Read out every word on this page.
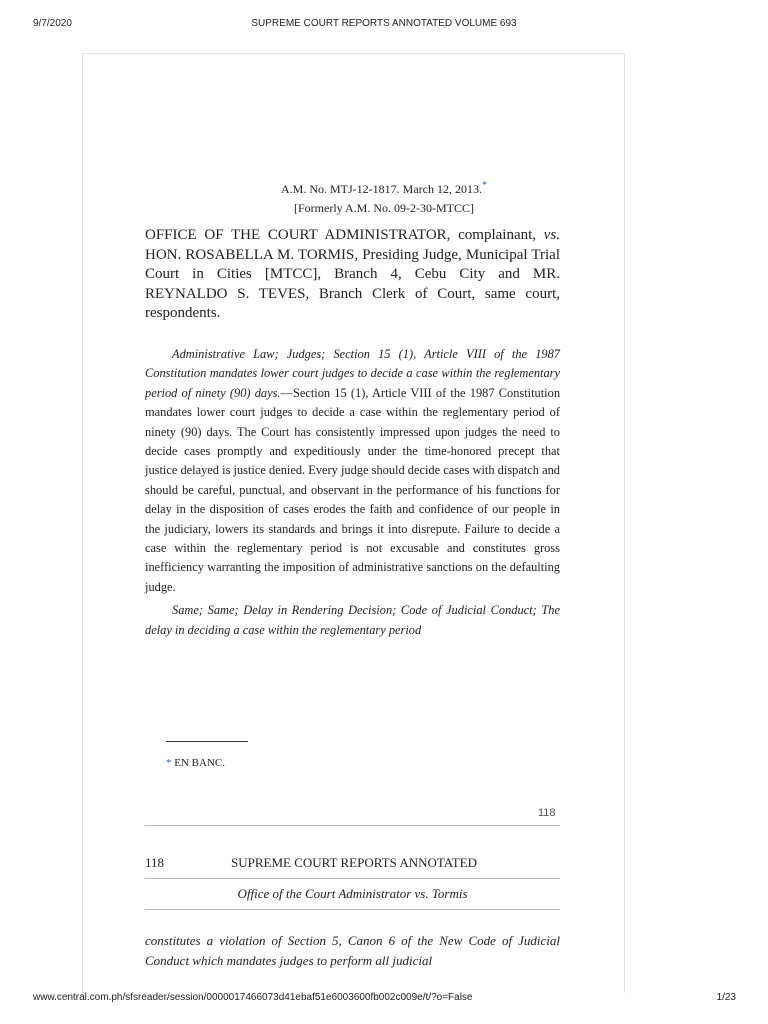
9/7/2020	SUPREME COURT REPORTS ANNOTATED VOLUME 693
A.M. No. MTJ-12-1817. March 12, 2013.*
[Formerly A.M. No. 09-2-30-MTCC]
OFFICE OF THE COURT ADMINISTRATOR, complainant, vs. HON. ROSABELLA M. TORMIS, Presiding Judge, Municipal Trial Court in Cities [MTCC], Branch 4, Cebu City and MR. REYNALDO S. TEVES, Branch Clerk of Court, same court, respondents.

Administrative Law; Judges; Section 15 (1), Article VIII of the 1987 Constitution mandates lower court judges to decide a case within the reglementary period of ninety (90) days.—Section 15 (1), Article VIII of the 1987 Constitution mandates lower court judges to decide a case within the reglementary period of ninety (90) days. The Court has consistently impressed upon judges the need to decide cases promptly and expeditiously under the time-honored precept that justice delayed is justice denied. Every judge should decide cases with dispatch and should be careful, punctual, and observant in the performance of his functions for delay in the disposition of cases erodes the faith and confidence of our people in the judiciary, lowers its standards and brings it into disrepute. Failure to decide a case within the reglementary period is not excusable and constitutes gross inefficiency warranting the imposition of administrative sanctions on the defaulting judge.

Same; Same; Delay in Rendering Decision; Code of Judicial Conduct; The delay in deciding a case within the reglementary period

* EN BANC.
118
118	SUPREME COURT REPORTS ANNOTATED
Office of the Court Administrator vs. Tormis
constitutes a violation of Section 5, Canon 6 of the New Code of Judicial Conduct which mandates judges to perform all judicial
www.central.com.ph/sfsreader/session/0000017466073d41ebaf51e6003600fb002c009e/t/?o=False	1/23
